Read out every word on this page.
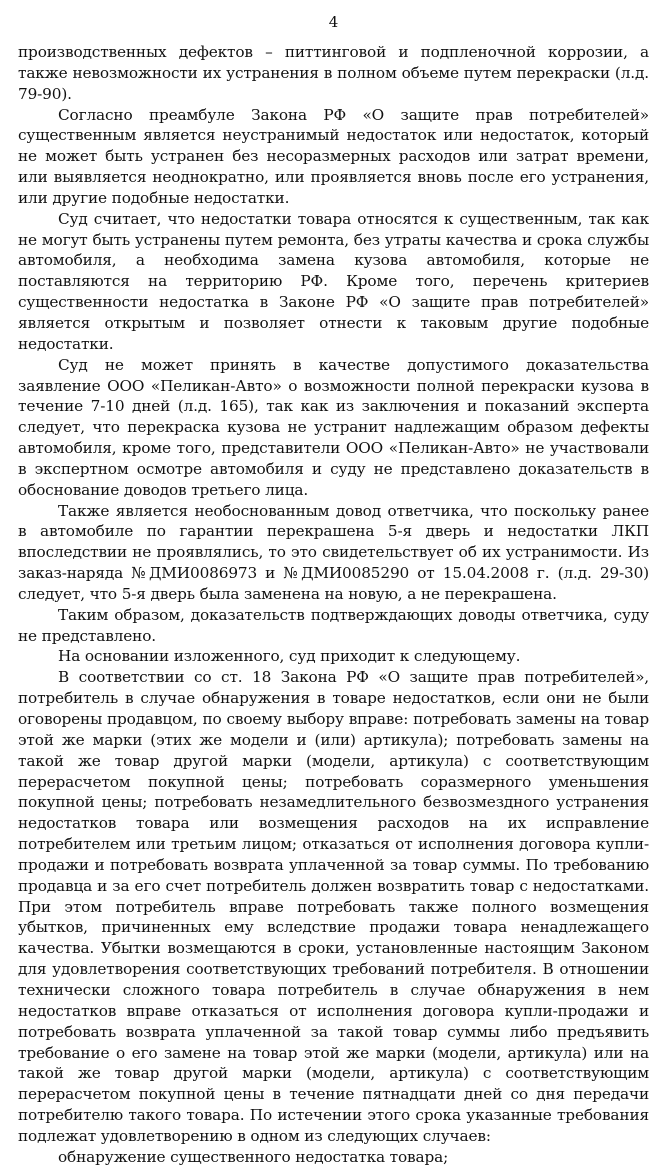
4

производственных дефектов – питтинговой и подпленочной коррозии, а также невозможности их устранения в полном объеме путем перекраски (л.д. 79-90).

Согласно преамбуле Закона РФ «О защите прав потребителей» существенным является неустранимый недостаток или недостаток, который не может быть устранен без несоразмерных расходов или затрат времени, или выявляется неоднократно, или проявляется вновь после его устранения, или другие подобные недостатки.

Суд считает, что недостатки товара относятся к существенным, так как не могут быть устранены путем ремонта, без утраты качества и срока службы автомобиля, а необходима замена кузова автомобиля, которые не поставляются на территорию РФ. Кроме того, перечень критериев существенности недостатка в Законе РФ «О защите прав потребителей» является открытым и позволяет отнести к таковым другие подобные недостатки.

Суд не может принять в качестве допустимого доказательства заявление ООО «Пеликан-Авто» о возможности полной перекраски кузова в течение 7-10 дней (л.д. 165), так как из заключения и показаний эксперта следует, что перекраска кузова не устранит надлежащим образом дефекты автомобиля, кроме того, представители ООО «Пеликан-Авто» не участвовали в экспертном осмотре автомобиля и суду не представлено доказательств в обоснование доводов третьего лица.

Также является необоснованным довод ответчика, что поскольку ранее в автомобиле по гарантии перекрашена 5-я дверь и недостатки ЛКП впоследствии не проявлялись, то это свидетельствует об их устранимости. Из заказ-наряда №ДМИ0086973 и №ДМИ0085290 от 15.04.2008 г. (л.д. 29-30) следует, что 5-я дверь была заменена на новую, а не перекрашена.

Таким образом, доказательств подтверждающих доводы ответчика, суду не представлено.

На основании изложенного, суд приходит к следующему.

В соответствии со ст. 18 Закона РФ «О защите прав потребителей», потребитель в случае обнаружения в товаре недостатков, если они не были оговорены продавцом, по своему выбору вправе: потребовать замены на товар этой же марки (этих же модели и (или) артикула); потребовать замены на такой же товар другой марки (модели, артикула) с соответствующим перерасчетом покупной цены; потребовать соразмерного уменьшения покупной цены; потребовать незамедлительного безвозмездного устранения недостатков товара или возмещения расходов на их исправление потребителем или третьим лицом; отказаться от исполнения договора купли-продажи и потребовать возврата уплаченной за товар суммы. По требованию продавца и за его счет потребитель должен возвратить товар с недостатками. При этом потребитель вправе потребовать также полного возмещения убытков, причиненных ему вследствие продажи товара ненадлежащего качества. Убытки возмещаются в сроки, установленные настоящим Законом для удовлетворения соответствующих требований потребителя. В отношении технически сложного товара потребитель в случае обнаружения в нем недостатков вправе отказаться от исполнения договора купли-продажи и потребовать возврата уплаченной за такой товар суммы либо предъявить требование о его замене на товар этой же марки (модели, артикула) или на такой же товар другой марки (модели, артикула) с соответствующим перерасчетом покупной цены в течение пятнадцати дней со дня передачи потребителю такого товара. По истечении этого срока указанные требования подлежат удовлетворению в одном из следующих случаев:

обнаружение существенного недостатка товара;
